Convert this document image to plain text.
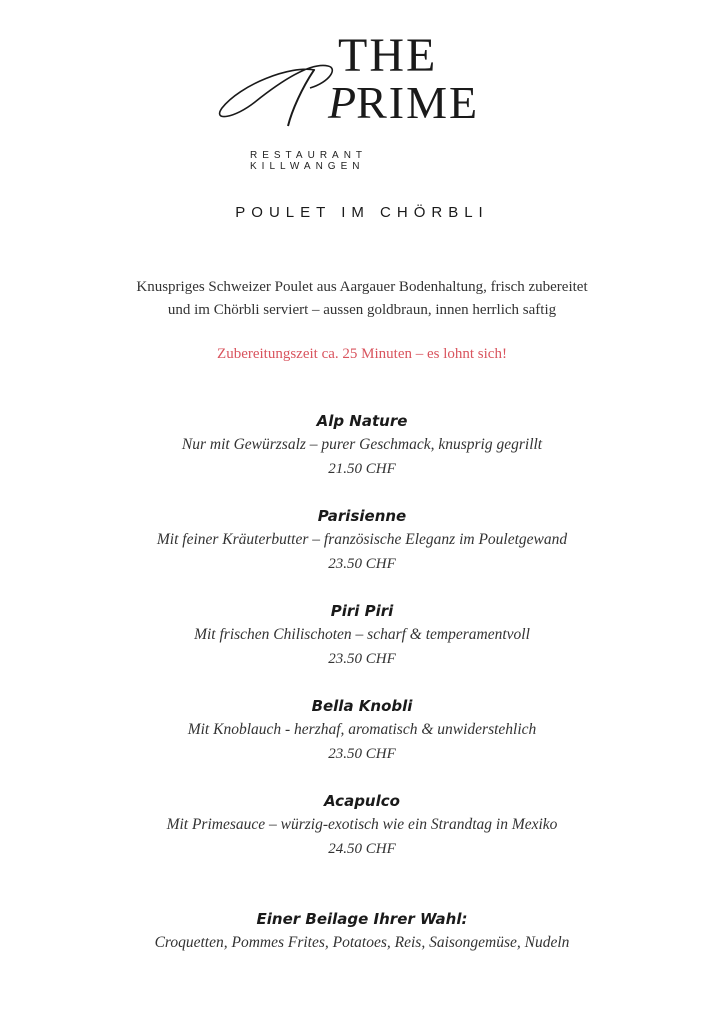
THE
PRIME
RESTAURANT
KILLWANGEN
POULET IM CHÖRBLI
Knuspriges Schweizer Poulet aus Aargauer Bodenhaltung, frisch zubereitet
und im Chörbli serviert – aussen goldbraun, innen herrlich saftig
Zubereitungszeit ca. 25 Minuten – es lohnt sich!
Alp Nature
Nur mit Gewürzsalz – purer Geschmack, knusprig gegrillt
21.50 CHF
Parisienne
Mit feiner Kräuterbutter – französische Eleganz im Pouletgewand
23.50 CHF
Piri Piri
Mit frischen Chilischoten – scharf & temperamentvoll
23.50 CHF
Bella Knobli
Mit Knoblauch - herzhaf, aromatisch & unwiderstehlich
23.50 CHF
Acapulco
Mit Primesauce – würzig-exotisch wie ein Strandtag in Mexiko
24.50 CHF
Einer Beilage Ihrer Wahl:
Croquetten, Pommes Frites, Potatoes, Reis, Saisongemüse, Nudeln
